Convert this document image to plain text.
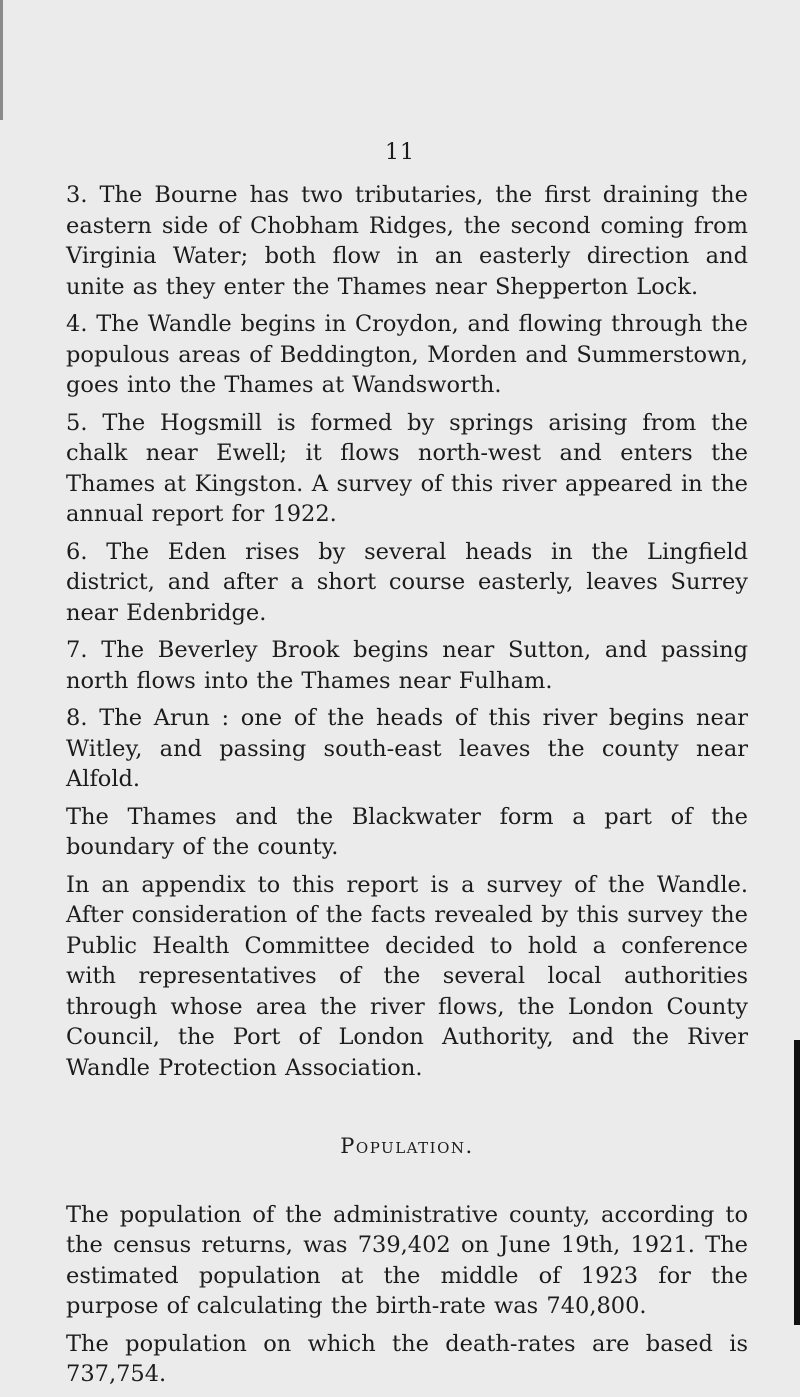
11

3. The Bourne has two tributaries, the first draining the eastern side of Chobham Ridges, the second coming from Virginia Water; both flow in an easterly direction and unite as they enter the Thames near Shepperton Lock.

4. The Wandle begins in Croydon, and flowing through the populous areas of Beddington, Morden and Summerstown, goes into the Thames at Wandsworth.

5. The Hogsmill is formed by springs arising from the chalk near Ewell; it flows north-west and enters the Thames at Kingston. A survey of this river appeared in the annual report for 1922.

6. The Eden rises by several heads in the Lingfield district, and after a short course easterly, leaves Surrey near Edenbridge.

7. The Beverley Brook begins near Sutton, and passing north flows into the Thames near Fulham.

8. The Arun : one of the heads of this river begins near Witley, and passing south-east leaves the county near Alfold.

The Thames and the Blackwater form a part of the boundary of the county.

In an appendix to this report is a survey of the Wandle. After consideration of the facts revealed by this survey the Public Health Committee decided to hold a conference with representatives of the several local authorities through whose area the river flows, the London County Council, the Port of London Authority, and the River Wandle Protection Association.

Population.

The population of the administrative county, according to the census returns, was 739,402 on June 19th, 1921. The estimated population at the middle of 1923 for the purpose of calculating the birth-rate was 740,800.

The population on which the death-rates are based is 737,754.
